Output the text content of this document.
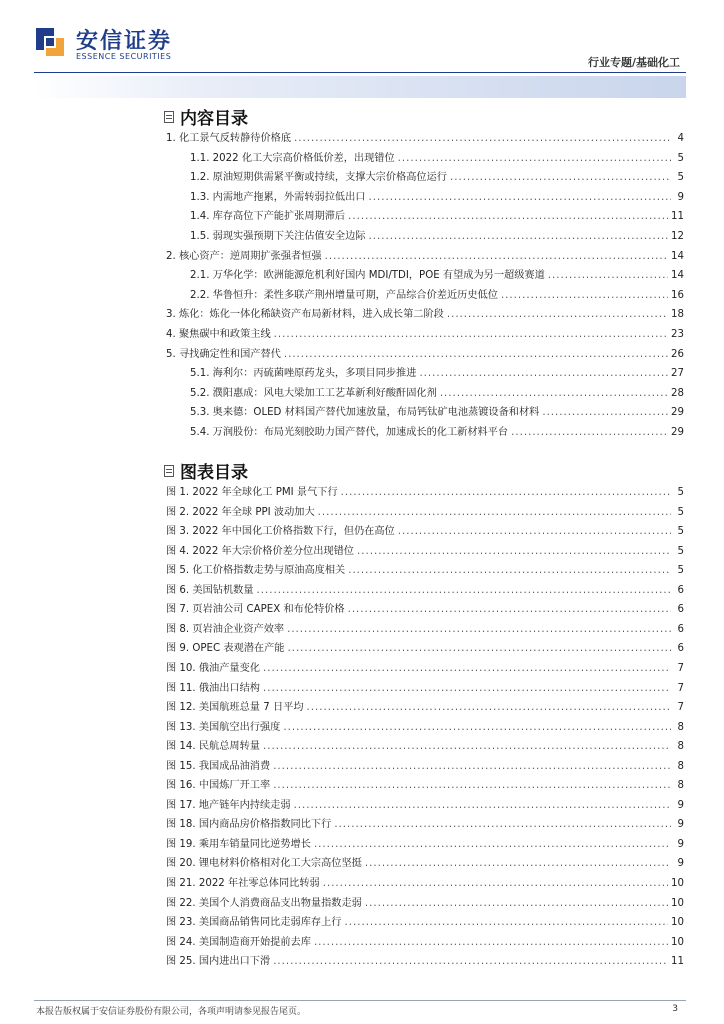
安信证券
ESSENCE SECURITIES	行业专题/基础化工
内容目录
1. 化工景气反转静待价格底 .....	4
1.1. 2022 化工大宗高价格低价差，出现错位 .....	5
1.2. 原油短期供需紧平衡或持续，支撑大宗价格高位运行 .....	5
1.3. 内需地产拖累，外需转弱拉低出口 .....	9
1.4. 库存高位下产能扩张周期滞后 .....	11
1.5. 弱现实强预期下关注估值安全边际 .....	12
2. 核心资产：逆周期扩张强者恒强 .....	14
2.1. 万华化学：欧洲能源危机利好国内 MDI/TDI，POE 有望成为另一超级赛道 .....	14
2.2. 华鲁恒升：柔性多联产荆州增量可期，产品综合价差近历史低位 .....	16
3. 炼化：炼化一体化稀缺资产布局新材料，进入成长第二阶段 .....	18
4. 聚焦碳中和政策主线 .....	23
5. 寻找确定性和国产替代 .....	26
5.1. 海利尔：丙硫菌唑原药龙头，多项目同步推进 .....	27
5.2. 濮阳惠成：风电大梁加工工艺革新利好酸酐固化剂 .....	28
5.3. 奥来德：OLED 材料国产替代加速放量，布局钙钛矿电池蒸镀设备和材料 .....	29
5.4. 万润股份：布局光刻胶助力国产替代，加速成长的化工新材料平台 .....	29
图表目录
图 1. 2022 年全球化工 PMI 景气下行 .....	5
图 2. 2022 年全球 PPI 波动加大 .....	5
图 3. 2022 年中国化工价格指数下行，但仍在高位 .....	5
图 4. 2022 年大宗价格价差分位出现错位 .....	5
图 5. 化工价格指数走势与原油高度相关 .....	5
图 6. 美国钻机数量 .....	6
图 7. 页岩油公司 CAPEX 和布伦特价格 .....	6
图 8. 页岩油企业资产效率 .....	6
图 9. OPEC 表观潜在产能 .....	6
图 10. 俄油产量变化 .....	7
图 11. 俄油出口结构 .....	7
图 12. 美国航班总量 7 日平均 .....	7
图 13. 美国航空出行强度 .....	8
图 14. 民航总周转量 .....	8
图 15. 我国成品油消费 .....	8
图 16. 中国炼厂开工率 .....	8
图 17. 地产链年内持续走弱 .....	9
图 18. 国内商品房价格指数同比下行 .....	9
图 19. 乘用车销量同比逆势增长 .....	9
图 20. 锂电材料价格相对化工大宗高位坚挺 .....	9
图 21. 2022 年社零总体同比转弱 .....	10
图 22. 美国个人消费商品支出物量指数走弱 .....	10
图 23. 美国商品销售同比走弱库存上行 .....	10
图 24. 美国制造商开始提前去库 .....	10
图 25. 国内进出口下滑 .....	11
本报告版权属于安信证券股份有限公司，各项声明请参见报告尾页。	3
